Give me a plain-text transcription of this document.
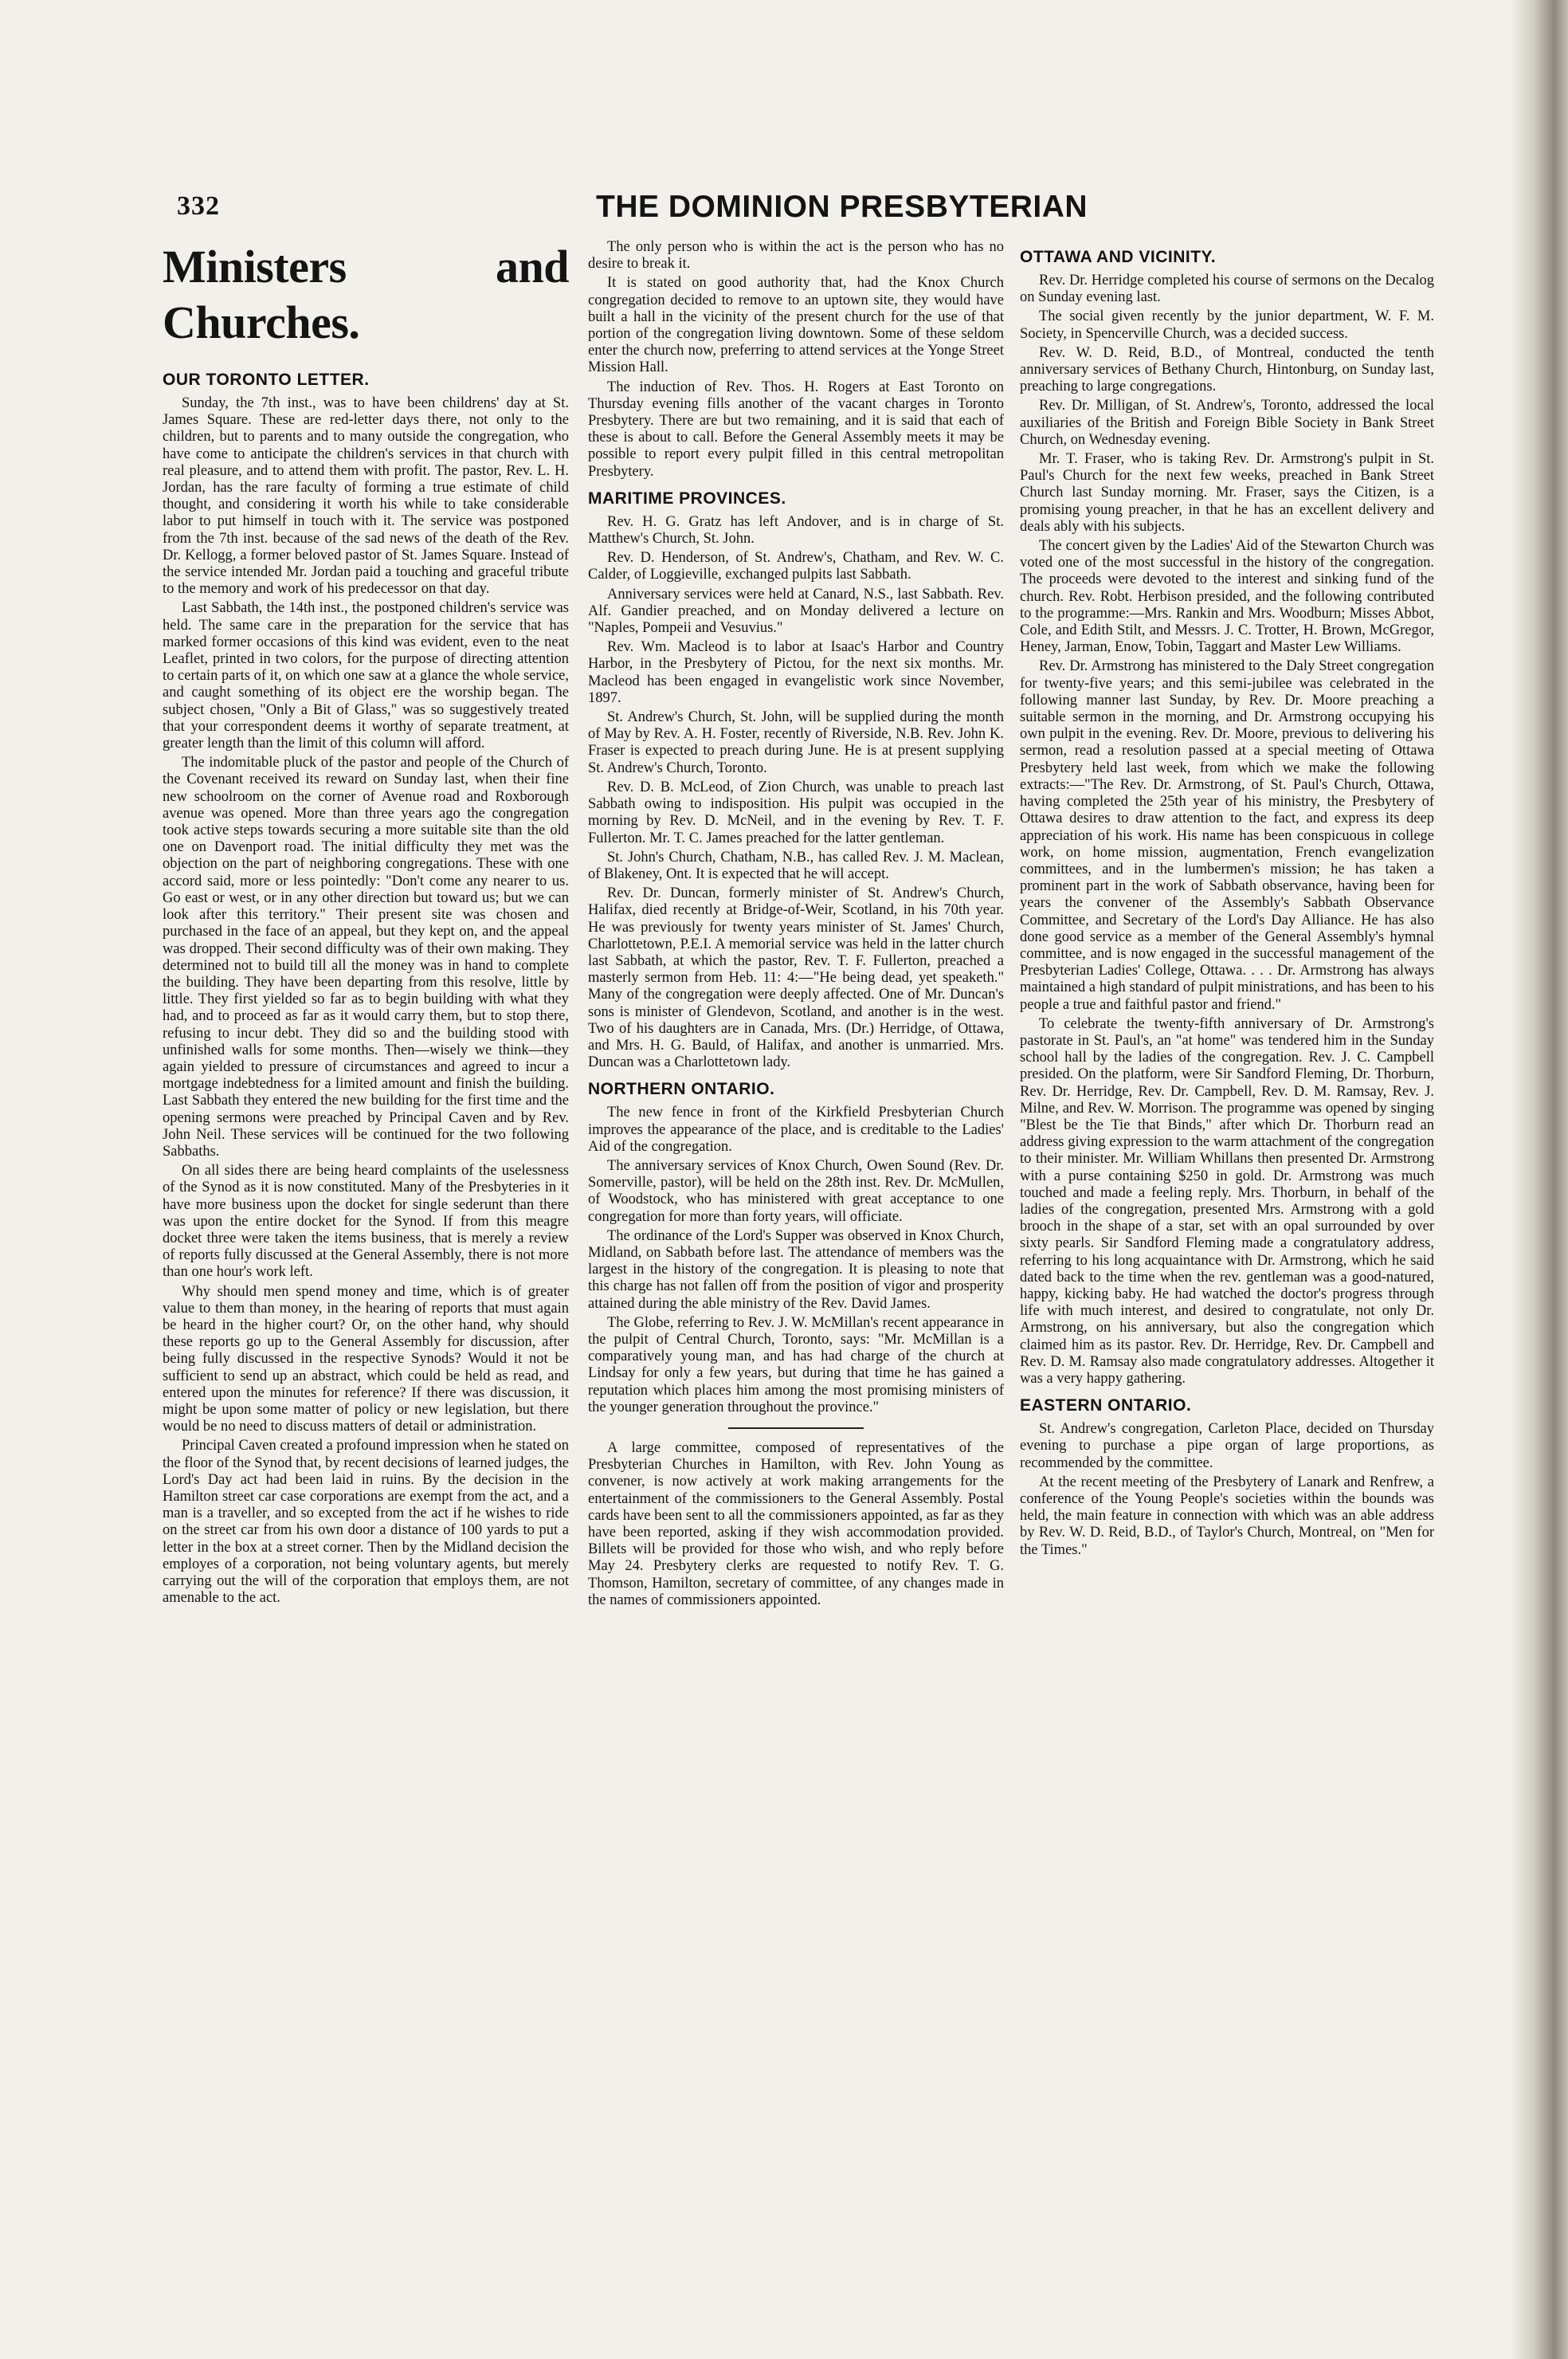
332	THE DOMINION PRESBYTERIAN
Ministers and Churches.
OUR TORONTO LETTER.

Sunday, the 7th inst., was to have been childrens' day at St. James Square. These are red-letter days there, not only to the children, but to parents and to many outside the congregation, who have come to anticipate the children's services in that church with real pleasure, and to attend them with profit. The pastor, Rev. L. H. Jordan, has the rare faculty of forming a true estimate of child thought, and considering it worth his while to take considerable labor to put himself in touch with it. The service was postponed from the 7th inst. because of the sad news of the death of the Rev. Dr. Kellogg, a former beloved pastor of St. James Square. Instead of the service intended Mr. Jordan paid a touching and graceful tribute to the memory and work of his predecessor on that day.

Last Sabbath, the 14th inst., the postponed children's service was held. The same care in the preparation for the service that has marked former occasions of this kind was evident, even to the neat Leaflet, printed in two colors, for the purpose of directing attention to certain parts of it, on which one saw at a glance the whole service, and caught something of its object ere the worship began. The subject chosen, "Only a Bit of Glass," was so suggestively treated that your correspondent deems it worthy of separate treatment, at greater length than the limit of this column will afford.

The indomitable pluck of the pastor and people of the Church of the Covenant received its reward on Sunday last, when their fine new schoolroom on the corner of Avenue road and Roxborough avenue was opened. More than three years ago the congregation took active steps towards securing a more suitable site than the old one on Davenport road. The initial difficulty they met was the objection on the part of neighboring congregations. These with one accord said, more or less pointedly: "Don't come any nearer to us. Go east or west, or in any other direction but toward us; but we can look after this territory." Their present site was chosen and purchased in the face of an appeal, but they kept on, and the appeal was dropped. Their second difficulty was of their own making. They determined not to build till all the money was in hand to complete the building. They have been departing from this resolve, little by little. They first yielded so far as to begin building with what they had, and to proceed as far as it would carry them, but to stop there, refusing to incur debt. They did so and the building stood with unfinished walls for some months. Then—wisely we think—they again yielded to pressure of circumstances and agreed to incur a mortgage indebtedness for a limited amount and finish the building. Last Sabbath they entered the new building for the first time and the opening sermons were preached by Principal Caven and by Rev. John Neil. These services will be continued for the two following Sabbaths.

On all sides there are being heard complaints of the uselessness of the Synod as it is now constituted. Many of the Presbyteries in it have more business upon the docket for single sederunt than there was upon the entire docket for the Synod. If from this meagre docket three were taken the items business, that is merely a review of reports fully discussed at the General Assembly, there is not more than one hour's work left.

Why should men spend money and time, which is of greater value to them than money, in the hearing of reports that must again be heard in the higher court? Or, on the other hand, why should these reports go up to the General Assembly for discussion, after being fully discussed in the respective Synods? Would it not be sufficient to send up an abstract, which could be held as read, and entered upon the minutes for reference? If there was discussion, it might be upon some matter of policy or new legislation, but there would be no need to discuss matters of detail or administration.

Principal Caven created a profound impression when he stated on the floor of the Synod that, by recent decisions of learned judges, the Lord's Day act had been laid in ruins. By the decision in the Hamilton street car case corporations are exempt from the act, and a man is a traveller, and so excepted from the act if he wishes to ride on the street car from his own door a distance of 100 yards to put a letter in the box at a street corner. Then by the Midland decision the employes of a corporation, not being voluntary agents, but merely carrying out the will of the corporation that employs them, are not amenable to the act.

The only person who is within the act is the person who has no desire to break it.

It is stated on good authority that, had the Knox Church congregation decided to remove to an uptown site, they would have built a hall in the vicinity of the present church for the use of that portion of the congregation living downtown. Some of these seldom enter the church now, preferring to attend services at the Yonge Street Mission Hall.

The induction of Rev. Thos. H. Rogers at East Toronto on Thursday evening fills another of the vacant charges in Toronto Presbytery. There are but two remaining, and it is said that each of these is about to call. Before the General Assembly meets it may be possible to report every pulpit filled in this central metropolitan Presbytery.

MARITIME PROVINCES.

Rev. H. G. Gratz has left Andover, and is in charge of St. Matthew's Church, St. John.

Rev. D. Henderson, of St. Andrew's, Chatham, and Rev. W. C. Calder, of Loggieville, exchanged pulpits last Sabbath.

Anniversary services were held at Canard, N.S., last Sabbath. Rev. Alf. Gandier preached, and on Monday delivered a lecture on "Naples, Pompeii and Vesuvius."

Rev. Wm. Macleod is to labor at Isaac's Harbor and Country Harbor, in the Presbytery of Pictou, for the next six months. Mr. Macleod has been engaged in evangelistic work since November, 1897.

St. Andrew's Church, St. John, will be supplied during the month of May by Rev. A. H. Foster, recently of Riverside, N.B. Rev. John K. Fraser is expected to preach during June. He is at present supplying St. Andrew's Church, Toronto.

Rev. D. B. McLeod, of Zion Church, was unable to preach last Sabbath owing to indisposition. His pulpit was occupied in the morning by Rev. D. McNeil, and in the evening by Rev. T. F. Fullerton. Mr. T. C. James preached for the latter gentleman.

St. John's Church, Chatham, N.B., has called Rev. J. M. Maclean, of Blakeney, Ont. It is expected that he will accept.

Rev. Dr. Duncan, formerly minister of St. Andrew's Church, Halifax, died recently at Bridge-of-Weir, Scotland, in his 70th year. He was previously for twenty years minister of St. James' Church, Charlottetown, P.E.I. A memorial service was held in the latter church last Sabbath, at which the pastor, Rev. T. F. Fullerton, preached a masterly sermon from Heb. 11: 4:—"He being dead, yet speaketh." Many of the congregation were deeply affected. One of Mr. Duncan's sons is minister of Glendevon, Scotland, and another is in the west. Two of his daughters are in Canada, Mrs. (Dr.) Herridge, of Ottawa, and Mrs. H. G. Bauld, of Halifax, and another is unmarried. Mrs. Duncan was a Charlottetown lady.

NORTHERN ONTARIO.

The new fence in front of the Kirkfield Presbyterian Church improves the appearance of the place, and is creditable to the Ladies' Aid of the congregation.

The anniversary services of Knox Church, Owen Sound (Rev. Dr. Somerville, pastor), will be held on the 28th inst. Rev. Dr. McMullen, of Woodstock, who has ministered with great acceptance to one congregation for more than forty years, will officiate.

The ordinance of the Lord's Supper was observed in Knox Church, Midland, on Sabbath before last. The attendance of members was the largest in the history of the congregation. It is pleasing to note that this charge has not fallen off from the position of vigor and prosperity attained during the able ministry of the Rev. David James.

The Globe, referring to Rev. J. W. McMillan's recent appearance in the pulpit of Central Church, Toronto, says: "Mr. McMillan is a comparatively young man, and has had charge of the church at Lindsay for only a few years, but during that time he has gained a reputation which places him among the most promising ministers of the younger generation throughout the province."

A large committee, composed of representatives of the Presbyterian Churches in Hamilton, with Rev. John Young as convener, is now actively at work making arrangements for the entertainment of the commissioners to the General Assembly. Postal cards have been sent to all the commissioners appointed, as far as they have been reported, asking if they wish accommodation provided. Billets will be provided for those who wish, and who reply before May 24. Presbytery clerks are requested to notify Rev. T. G. Thomson, Hamilton, secretary of committee, of any changes made in the names of commissioners appointed.

OTTAWA AND VICINITY.

Rev. Dr. Herridge completed his course of sermons on the Decalog on Sunday evening last.

The social given recently by the junior department, W. F. M. Society, in Spencerville Church, was a decided success.

Rev. W. D. Reid, B.D., of Montreal, conducted the tenth anniversary services of Bethany Church, Hintonburg, on Sunday last, preaching to large congregations.

Rev. Dr. Milligan, of St. Andrew's, Toronto, addressed the local auxiliaries of the British and Foreign Bible Society in Bank Street Church, on Wednesday evening.

Mr. T. Fraser, who is taking Rev. Dr. Armstrong's pulpit in St. Paul's Church for the next few weeks, preached in Bank Street Church last Sunday morning. Mr. Fraser, says the Citizen, is a promising young preacher, in that he has an excellent delivery and deals ably with his subjects.

The concert given by the Ladies' Aid of the Stewarton Church was voted one of the most successful in the history of the congregation. The proceeds were devoted to the interest and sinking fund of the church. Rev. Robt. Herbison presided, and the following contributed to the programme:—Mrs. Rankin and Mrs. Woodburn; Misses Abbot, Cole, and Edith Stilt, and Messrs. J. C. Trotter, H. Brown, McGregor, Heney, Jarman, Enow, Tobin, Taggart and Master Lew Williams.

Rev. Dr. Armstrong has ministered to the Daly Street congregation for twenty-five years; and this semi-jubilee was celebrated in the following manner last Sunday, by Rev. Dr. Moore preaching a suitable sermon in the morning, and Dr. Armstrong occupying his own pulpit in the evening. Rev. Dr. Moore, previous to delivering his sermon, read a resolution passed at a special meeting of Ottawa Presbytery held last week, from which we make the following extracts:—"The Rev. Dr. Armstrong, of St. Paul's Church, Ottawa, having completed the 25th year of his ministry, the Presbytery of Ottawa desires to draw attention to the fact, and express its deep appreciation of his work. His name has been conspicuous in college work, on home mission, augmentation, French evangelization committees, and in the lumbermen's mission; he has taken a prominent part in the work of Sabbath observance, having been for years the convener of the Assembly's Sabbath Observance Committee, and Secretary of the Lord's Day Alliance. He has also done good service as a member of the General Assembly's hymnal committee, and is now engaged in the successful management of the Presbyterian Ladies' College, Ottawa. . . . Dr. Armstrong has always maintained a high standard of pulpit ministrations, and has been to his people a true and faithful pastor and friend."

To celebrate the twenty-fifth anniversary of Dr. Armstrong's pastorate in St. Paul's, an "at home" was tendered him in the Sunday school hall by the ladies of the congregation. Rev. J. C. Campbell presided. On the platform, were Sir Sandford Fleming, Dr. Thorburn, Rev. Dr. Herridge, Rev. Dr. Campbell, Rev. D. M. Ramsay, Rev. J. Milne, and Rev. W. Morrison. The programme was opened by singing "Blest be the Tie that Binds," after which Dr. Thorburn read an address giving expression to the warm attachment of the congregation to their minister. Mr. William Whillans then presented Dr. Armstrong with a purse containing $250 in gold. Dr. Armstrong was much touched and made a feeling reply. Mrs. Thorburn, in behalf of the ladies of the congregation, presented Mrs. Armstrong with a gold brooch in the shape of a star, set with an opal surrounded by over sixty pearls. Sir Sandford Fleming made a congratulatory address, referring to his long acquaintance with Dr. Armstrong, which he said dated back to the time when the rev. gentleman was a good-natured, happy, kicking baby. He had watched the doctor's progress through life with much interest, and desired to congratulate, not only Dr. Armstrong, on his anniversary, but also the congregation which claimed him as its pastor. Rev. Dr. Herridge, Rev. Dr. Campbell and Rev. D. M. Ramsay also made congratulatory addresses. Altogether it was a very happy gathering.

EASTERN ONTARIO.

St. Andrew's congregation, Carleton Place, decided on Thursday evening to purchase a pipe organ of large proportions, as recommended by the committee.

At the recent meeting of the Presbytery of Lanark and Renfrew, a conference of the Young People's societies within the bounds was held, the main feature in connection with which was an able address by Rev. W. D. Reid, B.D., of Taylor's Church, Montreal, on "Men for the Times."
